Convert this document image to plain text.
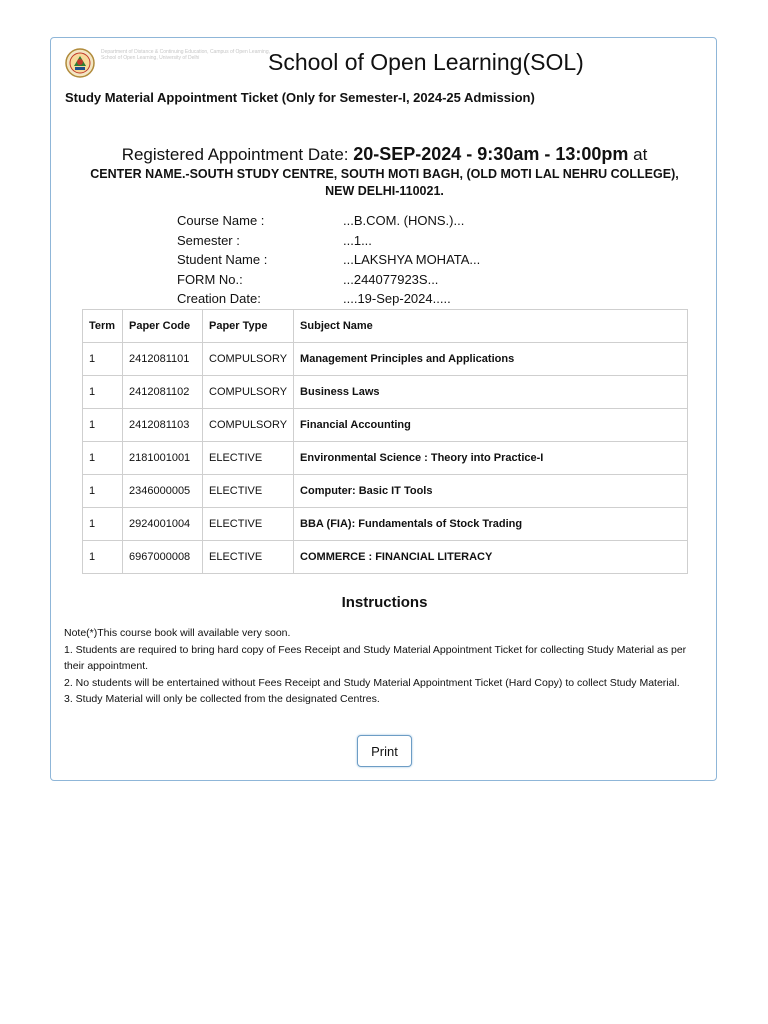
Department of Distance & Continuing Education, Campus of Open Learning, School of Open Learning, University of Delhi	School of Open Learning(SOL)
Study Material Appointment Ticket (Only for Semester-I, 2024-25 Admission)
Registered Appointment Date: 20-SEP-2024 - 9:30am - 13:00pm at
CENTER NAME.-SOUTH STUDY CENTRE, SOUTH MOTI BAGH, (OLD MOTI LAL NEHRU COLLEGE), NEW DELHI-110021.
Course Name :	...B.COM. (HONS.)...
Semester :	...1...
Student Name :	...LAKSHYA MOHATA...
FORM No.:	...244077923S...
Creation Date:	....19-Sep-2024.....
Term	Paper Code	Paper Type	Subject Name
1	2412081101	COMPULSORY	Management Principles and Applications
1	2412081102	COMPULSORY	Business Laws
1	2412081103	COMPULSORY	Financial Accounting
1	2181001001	ELECTIVE	Environmental Science : Theory into Practice-I
1	2346000005	ELECTIVE	Computer: Basic IT Tools
1	2924001004	ELECTIVE	BBA (FIA): Fundamentals of Stock Trading
1	6967000008	ELECTIVE	COMMERCE : FINANCIAL LITERACY
Instructions
Note(*)This course book will available very soon.
1. Students are required to bring hard copy of Fees Receipt and Study Material Appointment Ticket for collecting Study Material as per their appointment.
2. No students will be entertained without Fees Receipt and Study Material Appointment Ticket (Hard Copy) to collect Study Material.
3. Study Material will only be collected from the designated Centres.
Print
